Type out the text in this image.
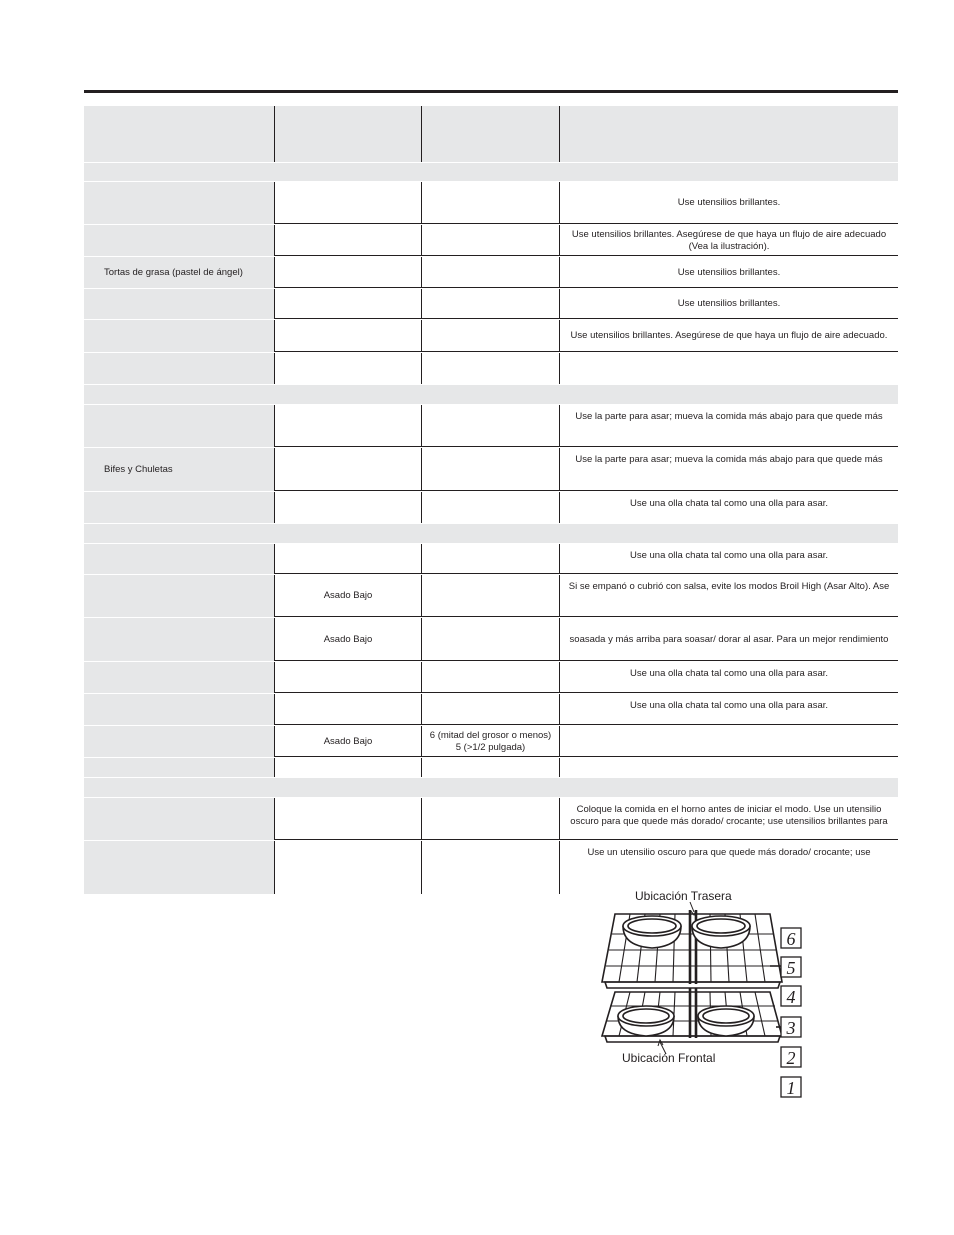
Use utensilios brillantes.
Use utensilios brillantes. Asegúrese de que haya un flujo de aire adecuado (Vea la ilustración).
Tortas de grasa (pastel de ángel)	Use utensilios brillantes.
Use utensilios brillantes.
Use utensilios brillantes. Asegúrese de que haya un flujo de aire adecuado.
Use la parte para asar; mueva la comida más abajo para que quede más
Bifes y Chuletas
Use la parte para asar; mueva la comida más abajo para que quede más
Use una olla chata tal como una olla para asar.
Use una olla chata tal como una olla para asar.
Asado Bajo
Si se empanó o cubrió con salsa, evite los modos Broil High (Asar Alto). Ase
Asado Bajo	soasada y más arriba para soasar/ dorar al asar. Para un mejor rendimiento
Use una olla chata tal como una olla para asar.
Use una olla chata tal como una olla para asar.
Asado Bajo
6 (mitad del grosor o menos)
5 (>1/2 pulgada)
Coloque la comida en el horno antes de iniciar el modo. Use un utensilio oscuro para que quede más dorado/ crocante; use utensilios brillantes para
Use un utensilio oscuro para que quede más dorado/ crocante; use
6
5
4
3
2
1
Ubicación Trasera
Ubicación Frontal
